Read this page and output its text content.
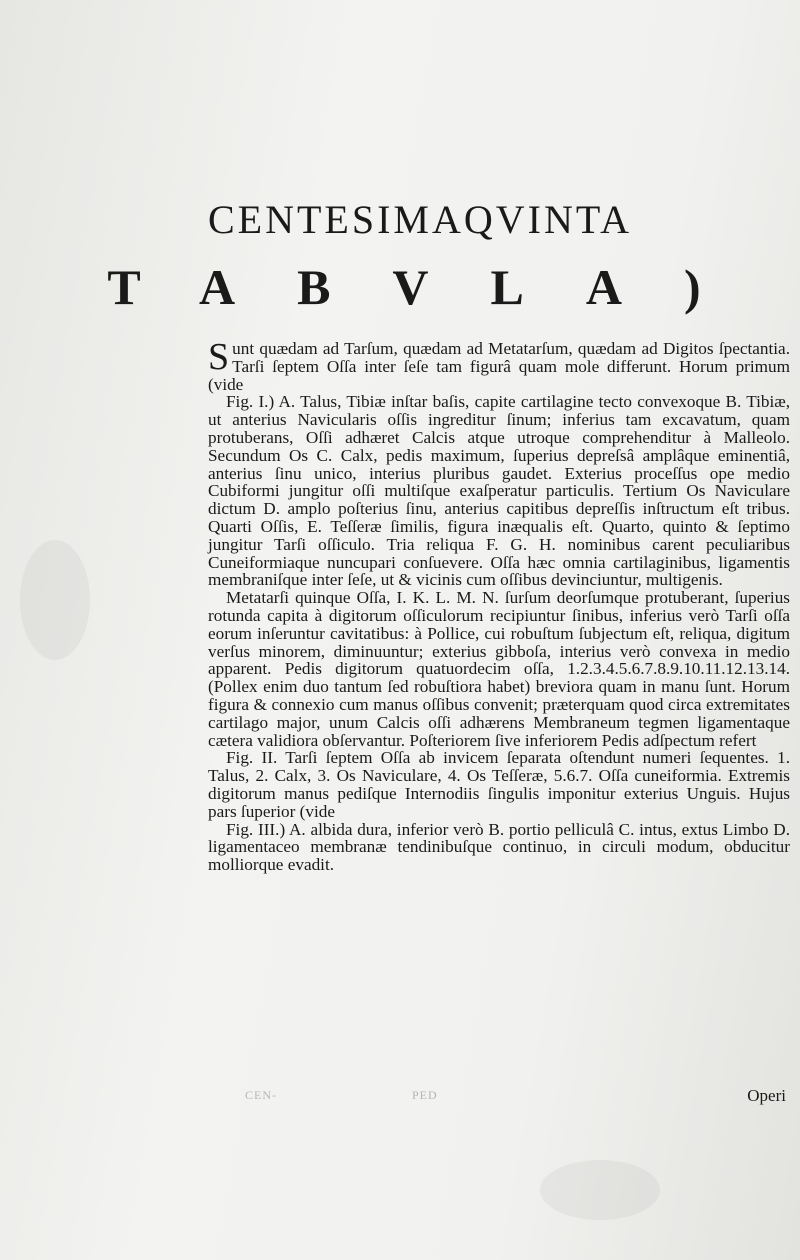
CENTESIMAQVINTA
TABVLA)

Sunt quædam ad Tarſum, quædam ad Metatarſum, quædam ad Digitos ſpectantia. Tarſi ſeptem Oſſa inter ſeſe tam figurâ quam mole differunt. Horum primum (vide

Fig. I.) A. Talus, Tibiæ inſtar baſis, capite cartilagine tecto convexoque B. Tibiæ, ut anterius Navicularis oſſis ingreditur ſinum; inferius tam excavatum, quam protuberans, Oſſi adhæret Calcis atque utroque comprehenditur à Malleolo. Secundum Os C. Calx, pedis maximum, ſuperius depreſsâ amplâque eminentiâ, anterius ſinu unico, interius pluribus gaudet. Exterius proceſſus ope medio Cubiformi jungitur oſſi multiſque exaſperatur particulis. Tertium Os Naviculare dictum D. amplo poſterius ſinu, anterius capitibus depreſſis inſtructum eſt tribus. Quarti Oſſis, E. Teſſeræ ſimilis, figura inæqualis eſt. Quarto, quinto & ſeptimo jungitur Tarſi oſſiculo. Tria reliqua F. G. H. nominibus carent peculiaribus Cuneiformiaque nuncupari conſuevere. Oſſa hæc omnia cartilaginibus, ligamentis membraniſque inter ſeſe, ut & vicinis cum oſſibus devinciuntur, multigenis.

Metatarſi quinque Oſſa, I. K. L. M. N. ſurſum deorſumque protuberant, ſuperius rotunda capita à digitorum oſſiculorum recipiuntur ſinibus, inferius verò Tarſi oſſa eorum inſeruntur cavitatibus: à Pollice, cui robuſtum ſubjectum eſt, reliqua, digitum verſus minorem, diminuuntur; exterius gibboſa, interius verò convexa in medio apparent. Pedis digitorum quatuordecim oſſa, 1.2.3.4.5.6.7.8.9.10.11.12.13.14. (Pollex enim duo tantum ſed robuſtiora habet) breviora quam in manu ſunt. Horum figura & connexio cum manus oſſibus convenit; præterquam quod circa extremitates cartilago major, unum Calcis oſſi adhærens Membraneum tegmen ligamentaque cætera validiora obſervantur. Poſteriorem ſive inferiorem Pedis adſpectum refert

Fig. II. Tarſi ſeptem Oſſa ab invicem ſeparata oſtendunt numeri ſequentes. 1. Talus, 2. Calx, 3. Os Naviculare, 4. Os Teſſeræ, 5.6.7. Oſſa cuneiformia. Extremis digitorum manus pediſque Internodiis ſingulis imponitur exterius Unguis. Hujus pars ſuperior (vide

Fig. III.) A. albida dura, inferior verò B. portio pelliculâ C. intus, extus Limbo D. ligamentaceo membranæ tendinibuſque continuo, in circuli modum, obducitur molliorque evadit.

CEN-	PED	Operi
